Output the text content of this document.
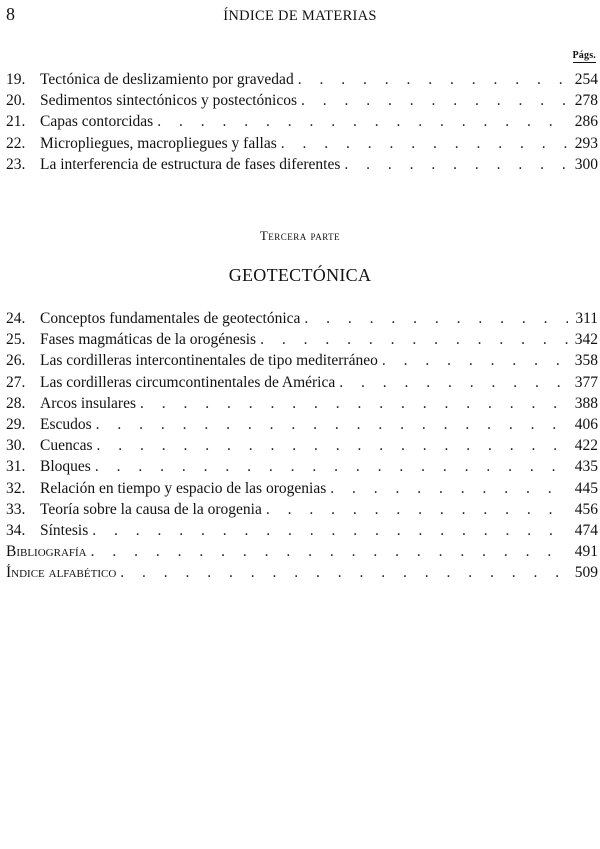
8	ÍNDICE DE MATERIAS
Págs.
19. Tectónica de deslizamiento por gravedad . . .	254
20. Sedimentos sintectónicos y postectónicos . . .	278
21. Capas contorcidas . . .	286
22. Micropliegues, macropliegues y fallas . . .	293
23. La interferencia de estructura de fases diferentes . . .	300
Tercera parte
GEOTECTÓNICA
24. Conceptos fundamentales de geotectónica . . .	311
25. Fases magmáticas de la orogénesis . . .	342
26. Las cordilleras intercontinentales de tipo mediterráneo . . .	358
27. Las cordilleras circumcontinentales de América . . .	377
28. Arcos insulares . . .	388
29. Escudos . . .	406
30. Cuencas . . .	422
31. Bloques . . .	435
32. Relación en tiempo y espacio de las orogenias . . .	445
33. Teoría sobre la causa de la orogenia . . .	456
34. Síntesis . . .	474
Bibliografía . . .	491
Índice alfabético . . .	509
